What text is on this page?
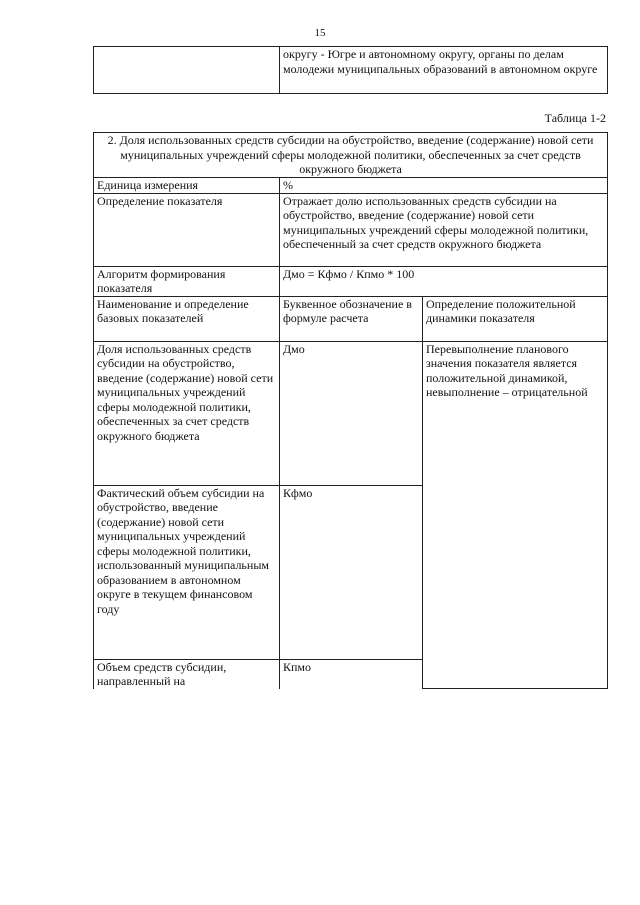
15
	округу - Югре и автономному округу, органы по делам молодежи муниципальных образований в автономном округе
Таблица 1-2
2. Доля использованных средств субсидии на обустройство, введение (содержание) новой сети муниципальных учреждений сферы молодежной политики, обеспеченных за счет средств окружного бюджета		
Единица измерения	%	
Определение показателя	Отражает долю использованных средств субсидии на обустройство, введение (содержание) новой сети муниципальных учреждений сферы молодежной политики, обеспеченный за счет средств окружного бюджета	
Алгоритм формирования показателя	Дмо = Кфмо / Кпмо * 100	
Наименование и определение базовых показателей	Буквенное обозначение в формуле расчета	Определение положительной динамики показателя
Доля использованных средств субсидии на обустройство, введение (содержание) новой сети муниципальных учреждений сферы молодежной политики, обеспеченных за счет средств окружного бюджета	Дмо	Перевыполнение планового значения показателя является положительной динамикой, невыполнение – отрицательной
Фактический объем субсидии на обустройство, введение (содержание) новой сети муниципальных учреждений сферы молодежной политики, использованный муниципальным образованием в автономном округе в текущем финансовом году	Кфмо	
Объем средств субсидии, направленный на	Кпмо	
